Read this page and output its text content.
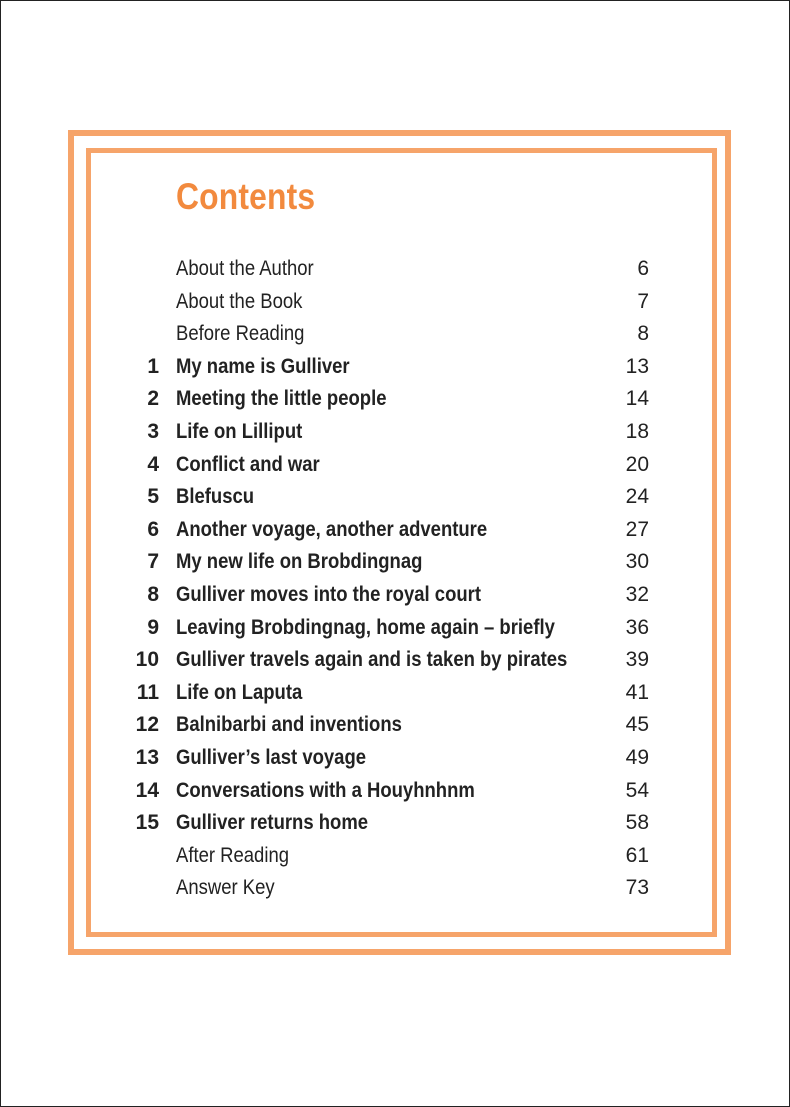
Contents
About the Author	6
About the Book	7
Before Reading	8
1 My name is Gulliver	13
2 Meeting the little people	14
3 Life on Lilliput	18
4 Conflict and war	20
5 Blefuscu	24
6 Another voyage, another adventure	27
7 My new life on Brobdingnag	30
8 Gulliver moves into the royal court	32
9 Leaving Brobdingnag, home again – briefly	36
10 Gulliver travels again and is taken by pirates	39
11 Life on Laputa	41
12 Balnibarbi and inventions	45
13 Gulliver’s last voyage	49
14 Conversations with a Houyhnhnm	54
15 Gulliver returns home	58
After Reading	61
Answer Key	73
